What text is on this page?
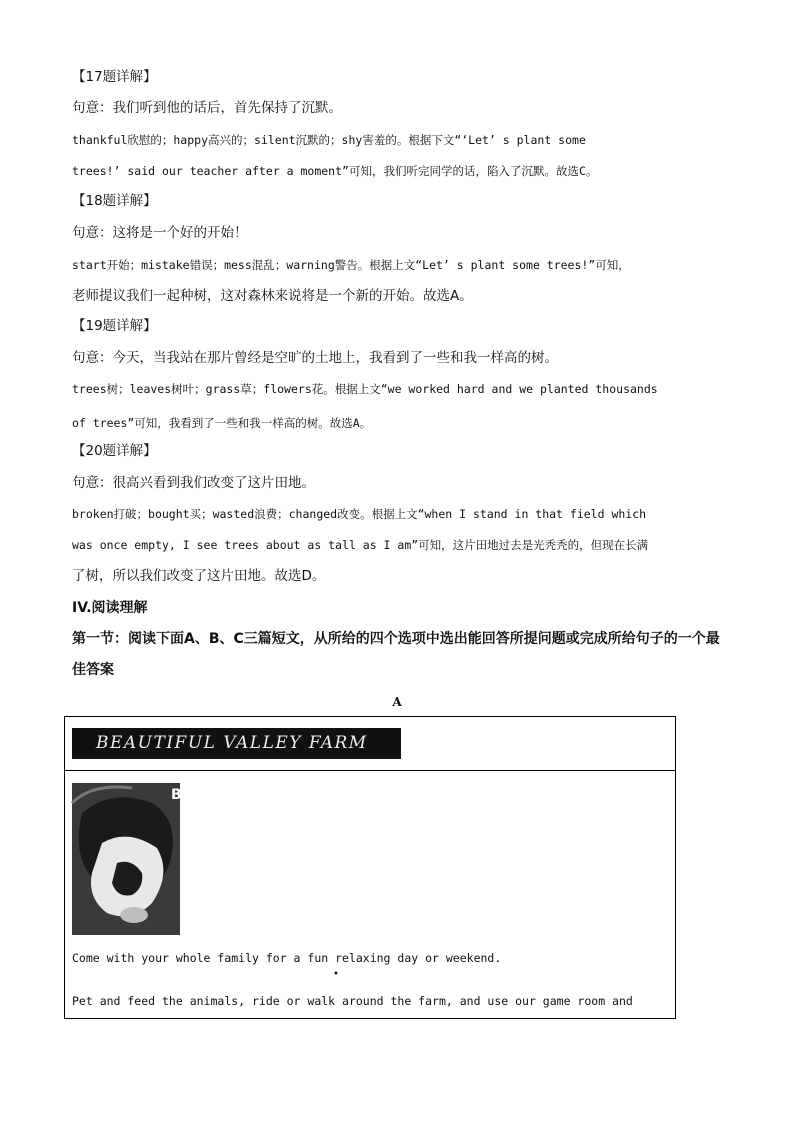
【17题详解】
句意：我们听到他的话后，首先保持了沉默。
thankful欣慰的；happy高兴的；silent沉默的；shy害羞的。根据下文“‘Let’ s plant some
trees!’ said our teacher after a moment”可知，我们听完同学的话，陷入了沉默。故选C。
【18题详解】
句意：这将是一个好的开始！
start开始；mistake错误；mess混乱；warning警告。根据上文“Let’ s plant some trees!”可知，
老师提议我们一起种树，这对森林来说将是一个新的开始。故选A。
【19题详解】
句意：今天，当我站在那片曾经是空旷的土地上，我看到了一些和我一样高的树。
trees树；leaves树叶；grass草；flowers花。根据上文“we worked hard and we planted thousands
of trees”可知，我看到了一些和我一样高的树。故选A。
【20题详解】
句意：很高兴看到我们改变了这片田地。
broken打破；bought买；wasted浪费；changed改变。根据上文“when I stand in that field which
was once empty, I see trees about as tall as I am”可知，这片田地过去是光秃秃的，但现在长满
了树，所以我们改变了这片田地。故选D。
IV.阅读理解
第一节：阅读下面A、B、C三篇短文，从所给的四个选项中选出能回答所提问题或完成所给句子的一个最
佳答案
A
BEAUTIFUL VALLEY FARM
B
Come with your whole family for a fun relaxing day or weekend.
•
Pet and feed the animals, ride or walk around the farm, and use our game room and
